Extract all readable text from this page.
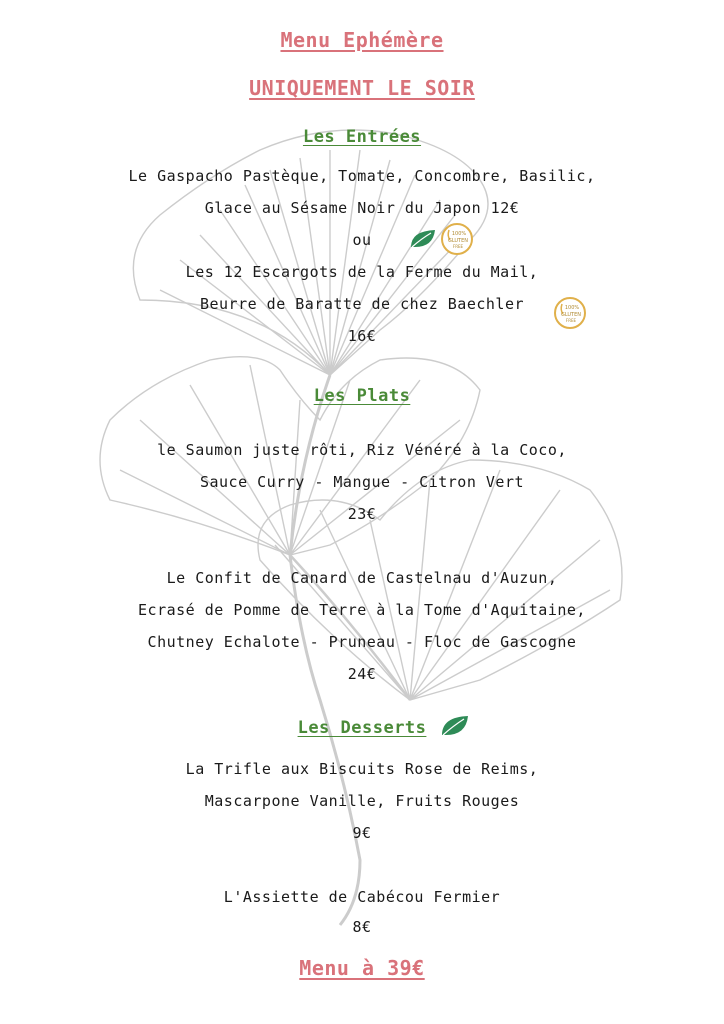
Menu Ephémère
UNIQUEMENT LE SOIR
Les Entrées
Le Gaspacho Pastèque, Tomate, Concombre, Basilic,
Glace au Sésame Noir du Japon 12€
ou	100%
GLUTEN
FREE
Les 12 Escargots de la Ferme du Mail,
Beurre de Baratte de chez Baechler	100%
GLUTEN
FREE
16€
Les Plats
le Saumon juste rôti, Riz Vénéré à la Coco,
Sauce Curry - Mangue - Citron Vert
23€
Le Confit de Canard de Castelnau d'Auzun,
Ecrasé de Pomme de Terre à la Tome d'Aquitaine,
Chutney Echalote - Pruneau - Floc de Gascogne
24€
Les Desserts
La Trifle aux Biscuits Rose de Reims,
Mascarpone Vanille, Fruits Rouges
9€
L'Assiette de Cabécou Fermier
8€
Menu à 39€
